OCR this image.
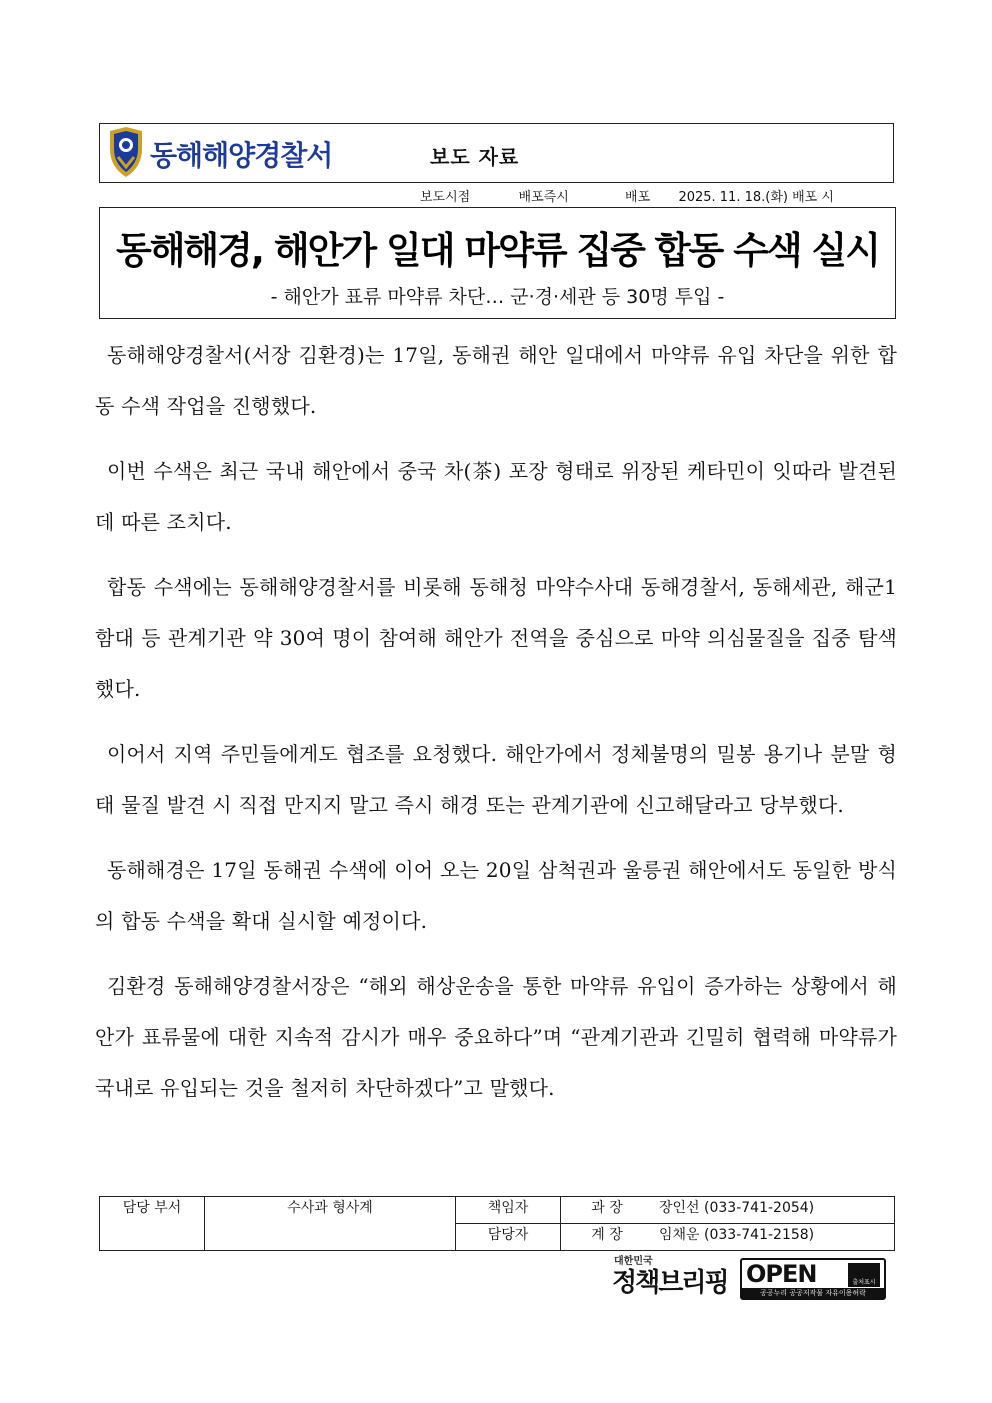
동해해양경찰서	보도 자료
보도시점	배포즉시	배포 2025. 11. 18.(화) 배포 시
동해해경, 해안가 일대 마약류 집중 합동 수색 실시
- 해안가 표류 마약류 차단… 군·경·세관 등 30명 투입 -

동해해양경찰서(서장 김환경)는 17일, 동해권 해안 일대에서 마약류 유입 차단을 위한 합동 수색 작업을 진행했다.

이번 수색은 최근 국내 해안에서 중국 차(茶) 포장 형태로 위장된 케타민이 잇따라 발견된 데 따른 조치다.

합동 수색에는 동해해양경찰서를 비롯해 동해청 마약수사대 동해경찰서, 동해세관, 해군1함대 등 관계기관 약 30여 명이 참여해 해안가 전역을 중심으로 마약 의심물질을 집중 탐색했다.

이어서 지역 주민들에게도 협조를 요청했다. 해안가에서 정체불명의 밀봉 용기나 분말 형태 물질 발견 시 직접 만지지 말고 즉시 해경 또는 관계기관에 신고해달라고 당부했다.

동해해경은 17일 동해권 수색에 이어 오는 20일 삼척권과 울릉권 해안에서도 동일한 방식의 합동 수색을 확대 실시할 예정이다.

김환경 동해해양경찰서장은 “해외 해상운송을 통한 마약류 유입이 증가하는 상황에서 해안가 표류물에 대한 지속적 감시가 매우 중요하다”며 “관계기관과 긴밀히 협력해 마약류가 국내로 유입되는 것을 철저히 차단하겠다”고 말했다.

담당 부서	수사과 형사계	책임자	과 장	장인선 (033-741-2054)
		담당자	계 장	임채운 (033-741-2158)
대한민국
정책브리핑 OPEN	출처표시
공공누리 공공저작물 자유이용허락
